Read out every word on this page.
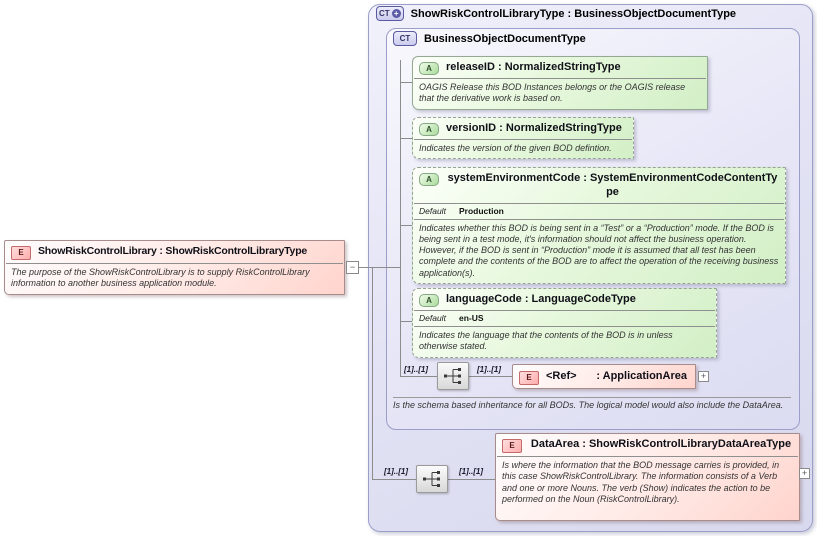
CT + ShowRiskControlLibraryType : BusinessObjectDocumentType
CT	BusinessObjectDocumentType
E	ShowRiskControlLibrary : ShowRiskControlLibraryType
The purpose of the ShowRiskControlLibrary is to supply RiskControlLibrary information to another business application module.
−
A	releaseID : NormalizedStringType
OAGIS Release this BOD Instances belongs or the OAGIS release that the derivative work is based on.
A	versionID : NormalizedStringType
Indicates the version of the given BOD defintion.
A	systemEnvironmentCode : SystemEnvironmentCodeContentType
Default	Production
Indicates whether this BOD is being sent in a “Test” or a “Production” mode. If the BOD is being sent in a test mode, it's information should not affect the business operation. However, if the BOD is sent in “Production” mode it is assumed that all test has been complete and the contents of the BOD are to affect the operation of the receiving business application(s).
A	languageCode : LanguageCodeType
Default	en-US
Indicates the language that the contents of the BOD is in unless otherwise stated.
[1]..[1]	[1]..[1]
E	<Ref> : ApplicationArea	+
Is the schema based inheritance for all BODs. The logical model would also include the DataArea.
[1]..[1]	[1]..[1]
E	DataArea : ShowRiskControlLibraryDataAreaType
Is where the information that the BOD message carries is provided, in this case ShowRiskControlLibrary. The information consists of a Verb and one or more Nouns. The verb (Show) indicates the action to be performed on the Noun (RiskControlLibrary).
+
